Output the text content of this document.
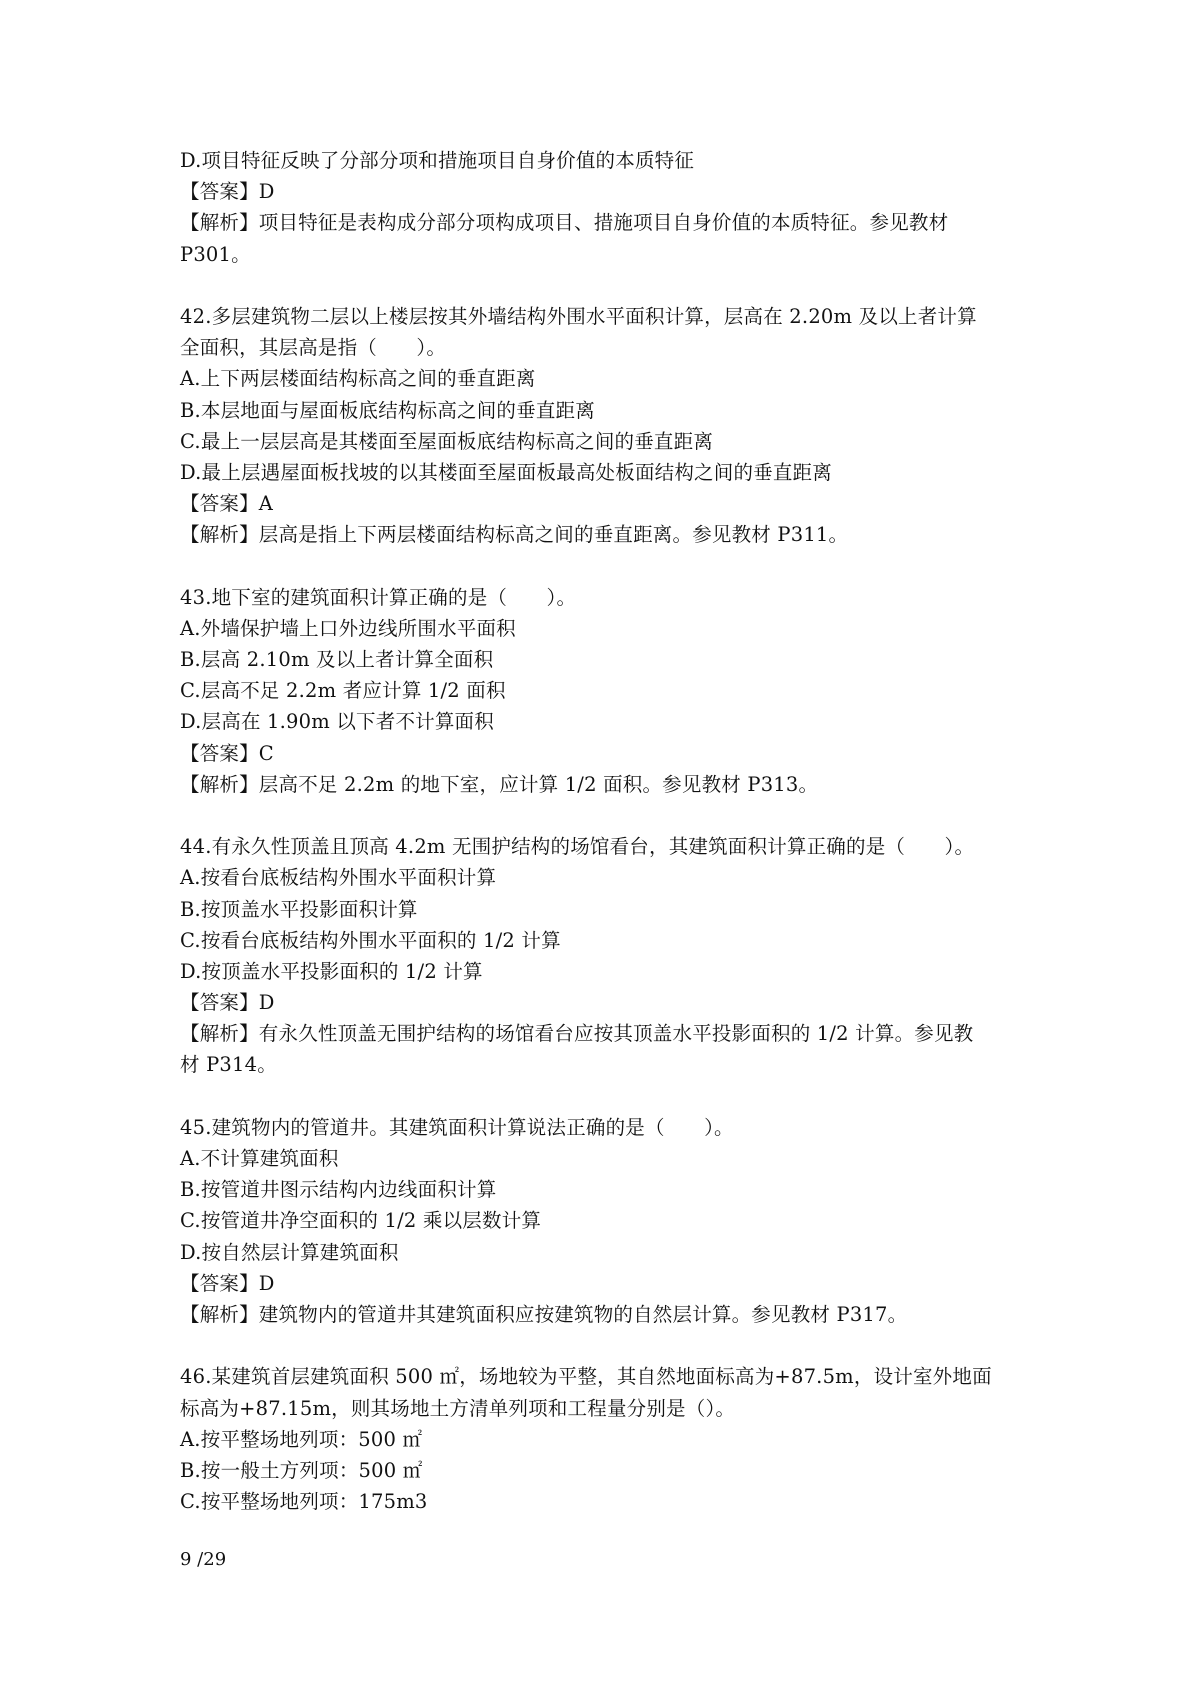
D.项目特征反映了分部分项和措施项目自身价值的本质特征
【答案】D
【解析】项目特征是表构成分部分项构成项目、措施项目自身价值的本质特征。参见教材
P301。
42.多层建筑物二层以上楼层按其外墙结构外围水平面积计算，层高在 2.20m 及以上者计算
全面积，其层高是指（　　）。
A.上下两层楼面结构标高之间的垂直距离
B.本层地面与屋面板底结构标高之间的垂直距离
C.最上一层层高是其楼面至屋面板底结构标高之间的垂直距离
D.最上层遇屋面板找坡的以其楼面至屋面板最高处板面结构之间的垂直距离
【答案】A
【解析】层高是指上下两层楼面结构标高之间的垂直距离。参见教材 P311。
43.地下室的建筑面积计算正确的是（　　）。
A.外墙保护墙上口外边线所围水平面积
B.层高 2.10m 及以上者计算全面积
C.层高不足 2.2m 者应计算 1/2 面积
D.层高在 1.90m 以下者不计算面积
【答案】C
【解析】层高不足 2.2m 的地下室，应计算 1/2 面积。参见教材 P313。
44.有永久性顶盖且顶高 4.2m 无围护结构的场馆看台，其建筑面积计算正确的是（　　）。
A.按看台底板结构外围水平面积计算
B.按顶盖水平投影面积计算
C.按看台底板结构外围水平面积的 1/2 计算
D.按顶盖水平投影面积的 1/2 计算
【答案】D
【解析】有永久性顶盖无围护结构的场馆看台应按其顶盖水平投影面积的 1/2 计算。参见教
材 P314。
45.建筑物内的管道井。其建筑面积计算说法正确的是（　　）。
A.不计算建筑面积
B.按管道井图示结构内边线面积计算
C.按管道井净空面积的 1/2 乘以层数计算
D.按自然层计算建筑面积
【答案】D
【解析】建筑物内的管道井其建筑面积应按建筑物的自然层计算。参见教材 P317。
46.某建筑首层建筑面积 500 ㎡，场地较为平整，其自然地面标高为+87.5m，设计室外地面
标高为+87.15m，则其场地土方清单列项和工程量分别是（）。
A.按平整场地列项：500 ㎡
B.按一般土方列项：500 ㎡
C.按平整场地列项：175m3
9 /29
